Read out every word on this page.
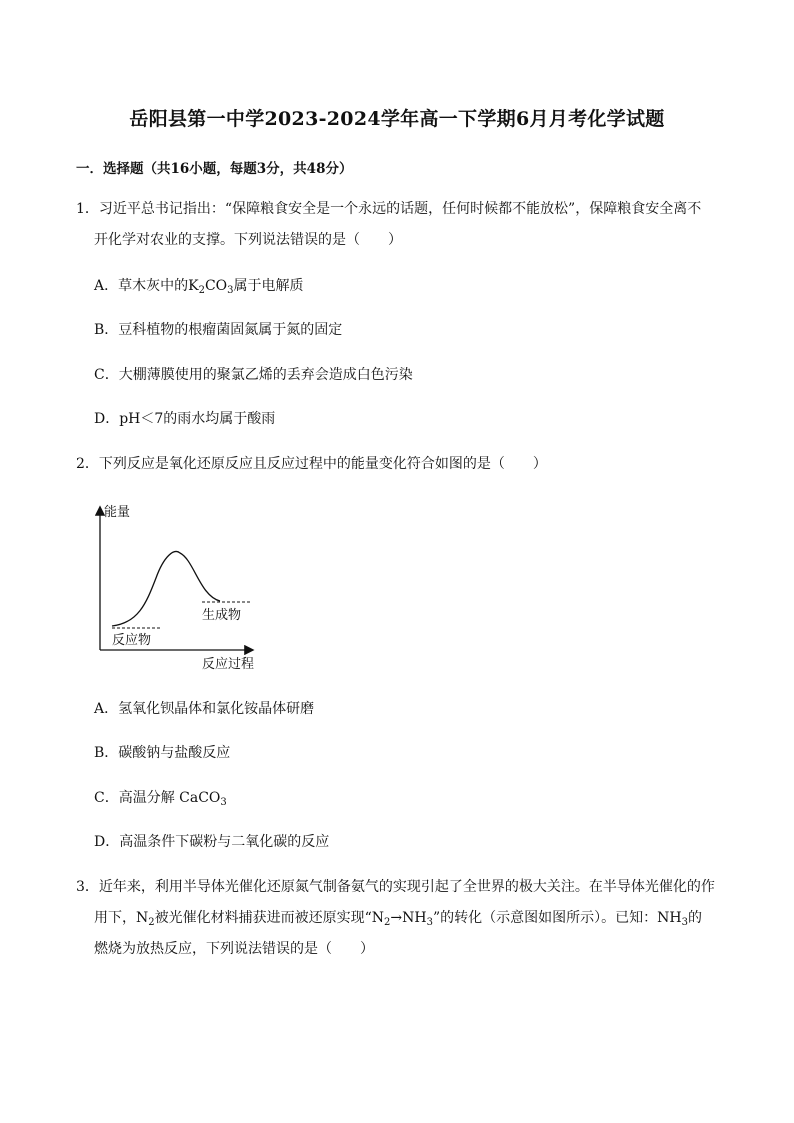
岳阳县第一中学2023-2024学年高一下学期6月月考化学试题
一．选择题（共16小题，每题3分，共48分）
1．习近平总书记指出：“保障粮食安全是一个永远的话题，任何时候都不能放松”，保障粮食安全离不
开化学对农业的支撑。下列说法错误的是（　　）
A．草木灰中的$K_2CO_3$属于电解质
B．豆科植物的根瘤菌固氮属于氮的固定
C．大棚薄膜使用的聚氯乙烯的丢弃会造成白色污染
D．pH＜7的雨水均属于酸雨
2．下列反应是氧化还原反应且反应过程中的能量变化符合如图的是（　　）
能量
反应过程
反应物
生成物
A．氢氧化钡晶体和氯化铵晶体研磨
B．碳酸钠与盐酸反应
C．高温分解 CaCO$_3$
D．高温条件下碳粉与二氧化碳的反应
3．近年来，利用半导体光催化还原氮气制备氨气的实现引起了全世界的极大关注。在半导体光催化的作
用下，$N_2$被光催化材料捕获进而被还原实现“$N_2\to NH_3$”的转化（示意图如图所示）。已知：$NH_3$的
燃烧为放热反应，下列说法错误的是（　　）
